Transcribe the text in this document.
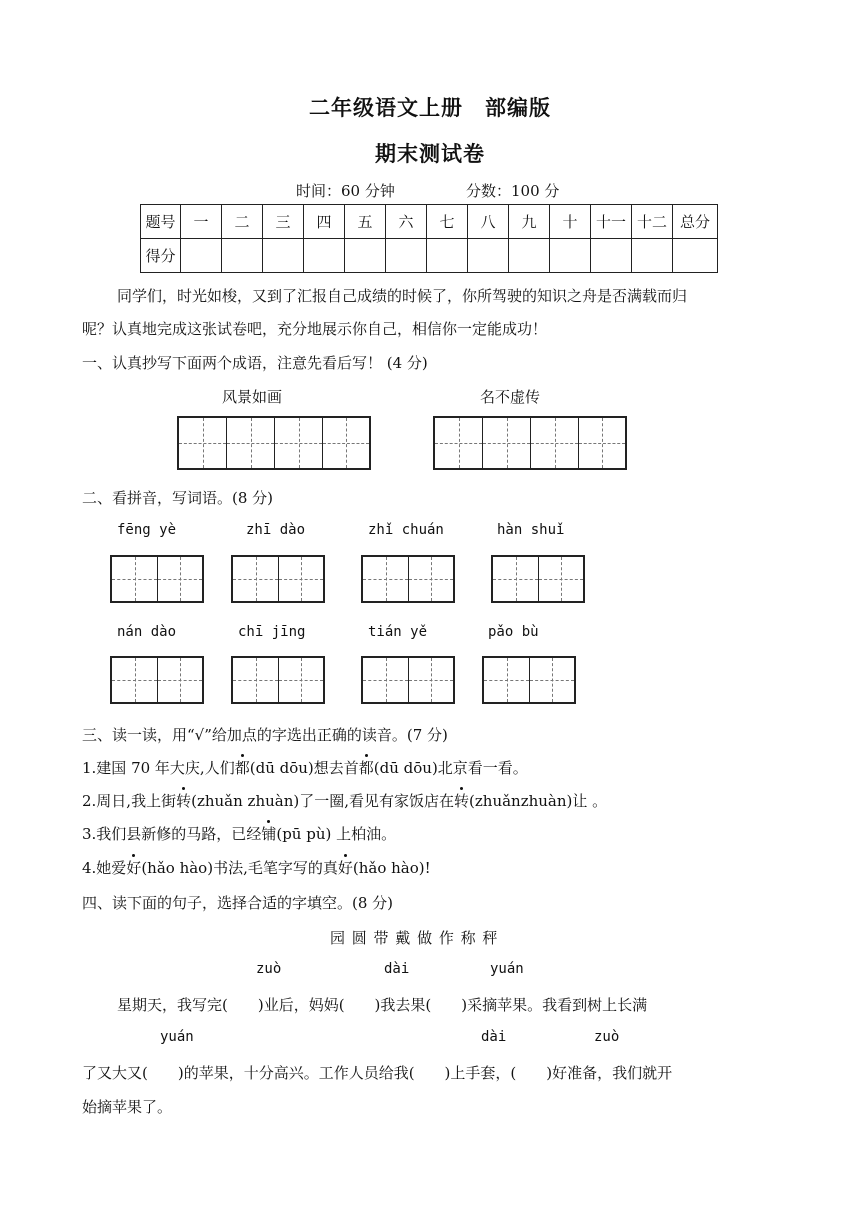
二年级语文上册　部编版
期末测试卷
时间：60 分钟	分数：100 分
题号	一	二	三	四	五	六	七	八	九	十	十一	十二	总分
得分													
同学们，时光如梭，又到了汇报自己成绩的时候了，你所驾驶的知识之舟是否满载而归
呢？认真地完成这张试卷吧，充分地展示你自己，相信你一定能成功！
一、认真抄写下面两个成语，注意先看后写！ (4 分)
风景如画	名不虚传
二、看拼音，写词语。(8 分)
fēng yè	zhī dào	zhǐ chuán	hàn shuǐ
nán dào	chī jīng	tián yě	pǎo bù
三、读一读，用“√”给加点的字选出正确的读音。(7 分)
1.建国 70 年大庆,人们都(dū dōu)想去首都(dū dōu)北京看一看。
2.周日,我上街转(zhuǎn zhuàn)了一圈,看见有家饭店在转(zhuǎnzhuàn)让 。
3.我们县新修的马路，已经铺(pū pù) 上柏油。
4.她爱好(hǎo hào)书法,毛笔字写的真好(hǎo hào)!
四、读下面的句子，选择合适的字填空。(8 分)
园 圆 带 戴 做 作 称 秤
zuò	dài	yuán
星期天，我写完(　　)业后，妈妈(　　)我去果(　　)采摘苹果。我看到树上长满
yuán	dài	zuò
了又大又(　　)的苹果，十分高兴。工作人员给我(　　)上手套，(　　)好准备，我们就开
始摘苹果了。
